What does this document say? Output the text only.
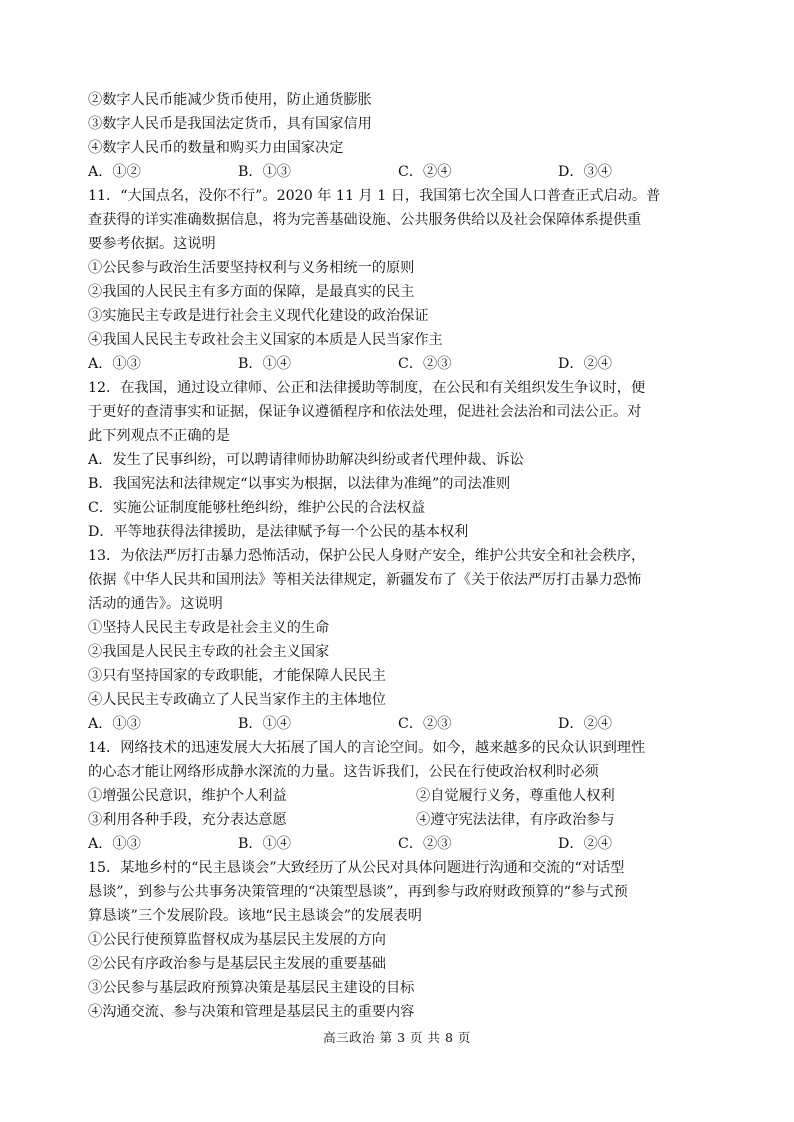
②数字人民币能减少货币使用，防止通货膨胀
③数字人民币是我国法定货币，具有国家信用
④数字人民币的数量和购买力由国家决定
A．①②	B．①③	C．②④	D．③④
11．“大国点名，没你不行”。2020 年 11 月 1 日，我国第七次全国人口普查正式启动。普
查获得的详实准确数据信息，将为完善基础设施、公共服务供给以及社会保障体系提供重
要参考依据。这说明
①公民参与政治生活要坚持权利与义务相统一的原则
②我国的人民民主有多方面的保障，是最真实的民主
③实施民主专政是进行社会主义现代化建设的政治保证
④我国人民民主专政社会主义国家的本质是人民当家作主
A．①③	B．①④	C．②③	D．②④
12．在我国，通过设立律师、公正和法律援助等制度，在公民和有关组织发生争议时，便
于更好的查清事实和证据，保证争议遵循程序和依法处理，促进社会法治和司法公正。对
此下列观点不正确的是
A．发生了民事纠纷，可以聘请律师协助解决纠纷或者代理仲裁、诉讼
B．我国宪法和法律规定“以事实为根据，以法律为准绳”的司法准则
C．实施公证制度能够杜绝纠纷，维护公民的合法权益
D．平等地获得法律援助，是法律赋予每一个公民的基本权利
13．为依法严厉打击暴力恐怖活动，保护公民人身财产安全，维护公共安全和社会秩序，
依据《中华人民共和国刑法》等相关法律规定，新疆发布了《关于依法严厉打击暴力恐怖
活动的通告》。这说明
①坚持人民民主专政是社会主义的生命
②我国是人民民主专政的社会主义国家
③只有坚持国家的专政职能，才能保障人民民主
④人民民主专政确立了人民当家作主的主体地位
A．①③	B．①④	C．②③	D．②④
14．网络技术的迅速发展大大拓展了国人的言论空间。如今，越来越多的民众认识到理性
的心态才能让网络形成静水深流的力量。这告诉我们，公民在行使政治权利时必须
①增强公民意识，维护个人利益	②自觉履行义务，尊重他人权利
③利用各种手段，充分表达意愿	④遵守宪法法律，有序政治参与
A．①③	B．①④	C．②③	D．②④
15．某地乡村的“民主恳谈会”大致经历了从公民对具体问题进行沟通和交流的“对话型
恳谈”，到参与公共事务决策管理的“决策型恳谈”，再到参与政府财政预算的“参与式预
算恳谈”三个发展阶段。该地“民主恳谈会”的发展表明
①公民行使预算监督权成为基层民主发展的方向
②公民有序政治参与是基层民主发展的重要基础
③公民参与基层政府预算决策是基层民主建设的目标
④沟通交流、参与决策和管理是基层民主的重要内容
高三政治 第 3 页 共 8 页
